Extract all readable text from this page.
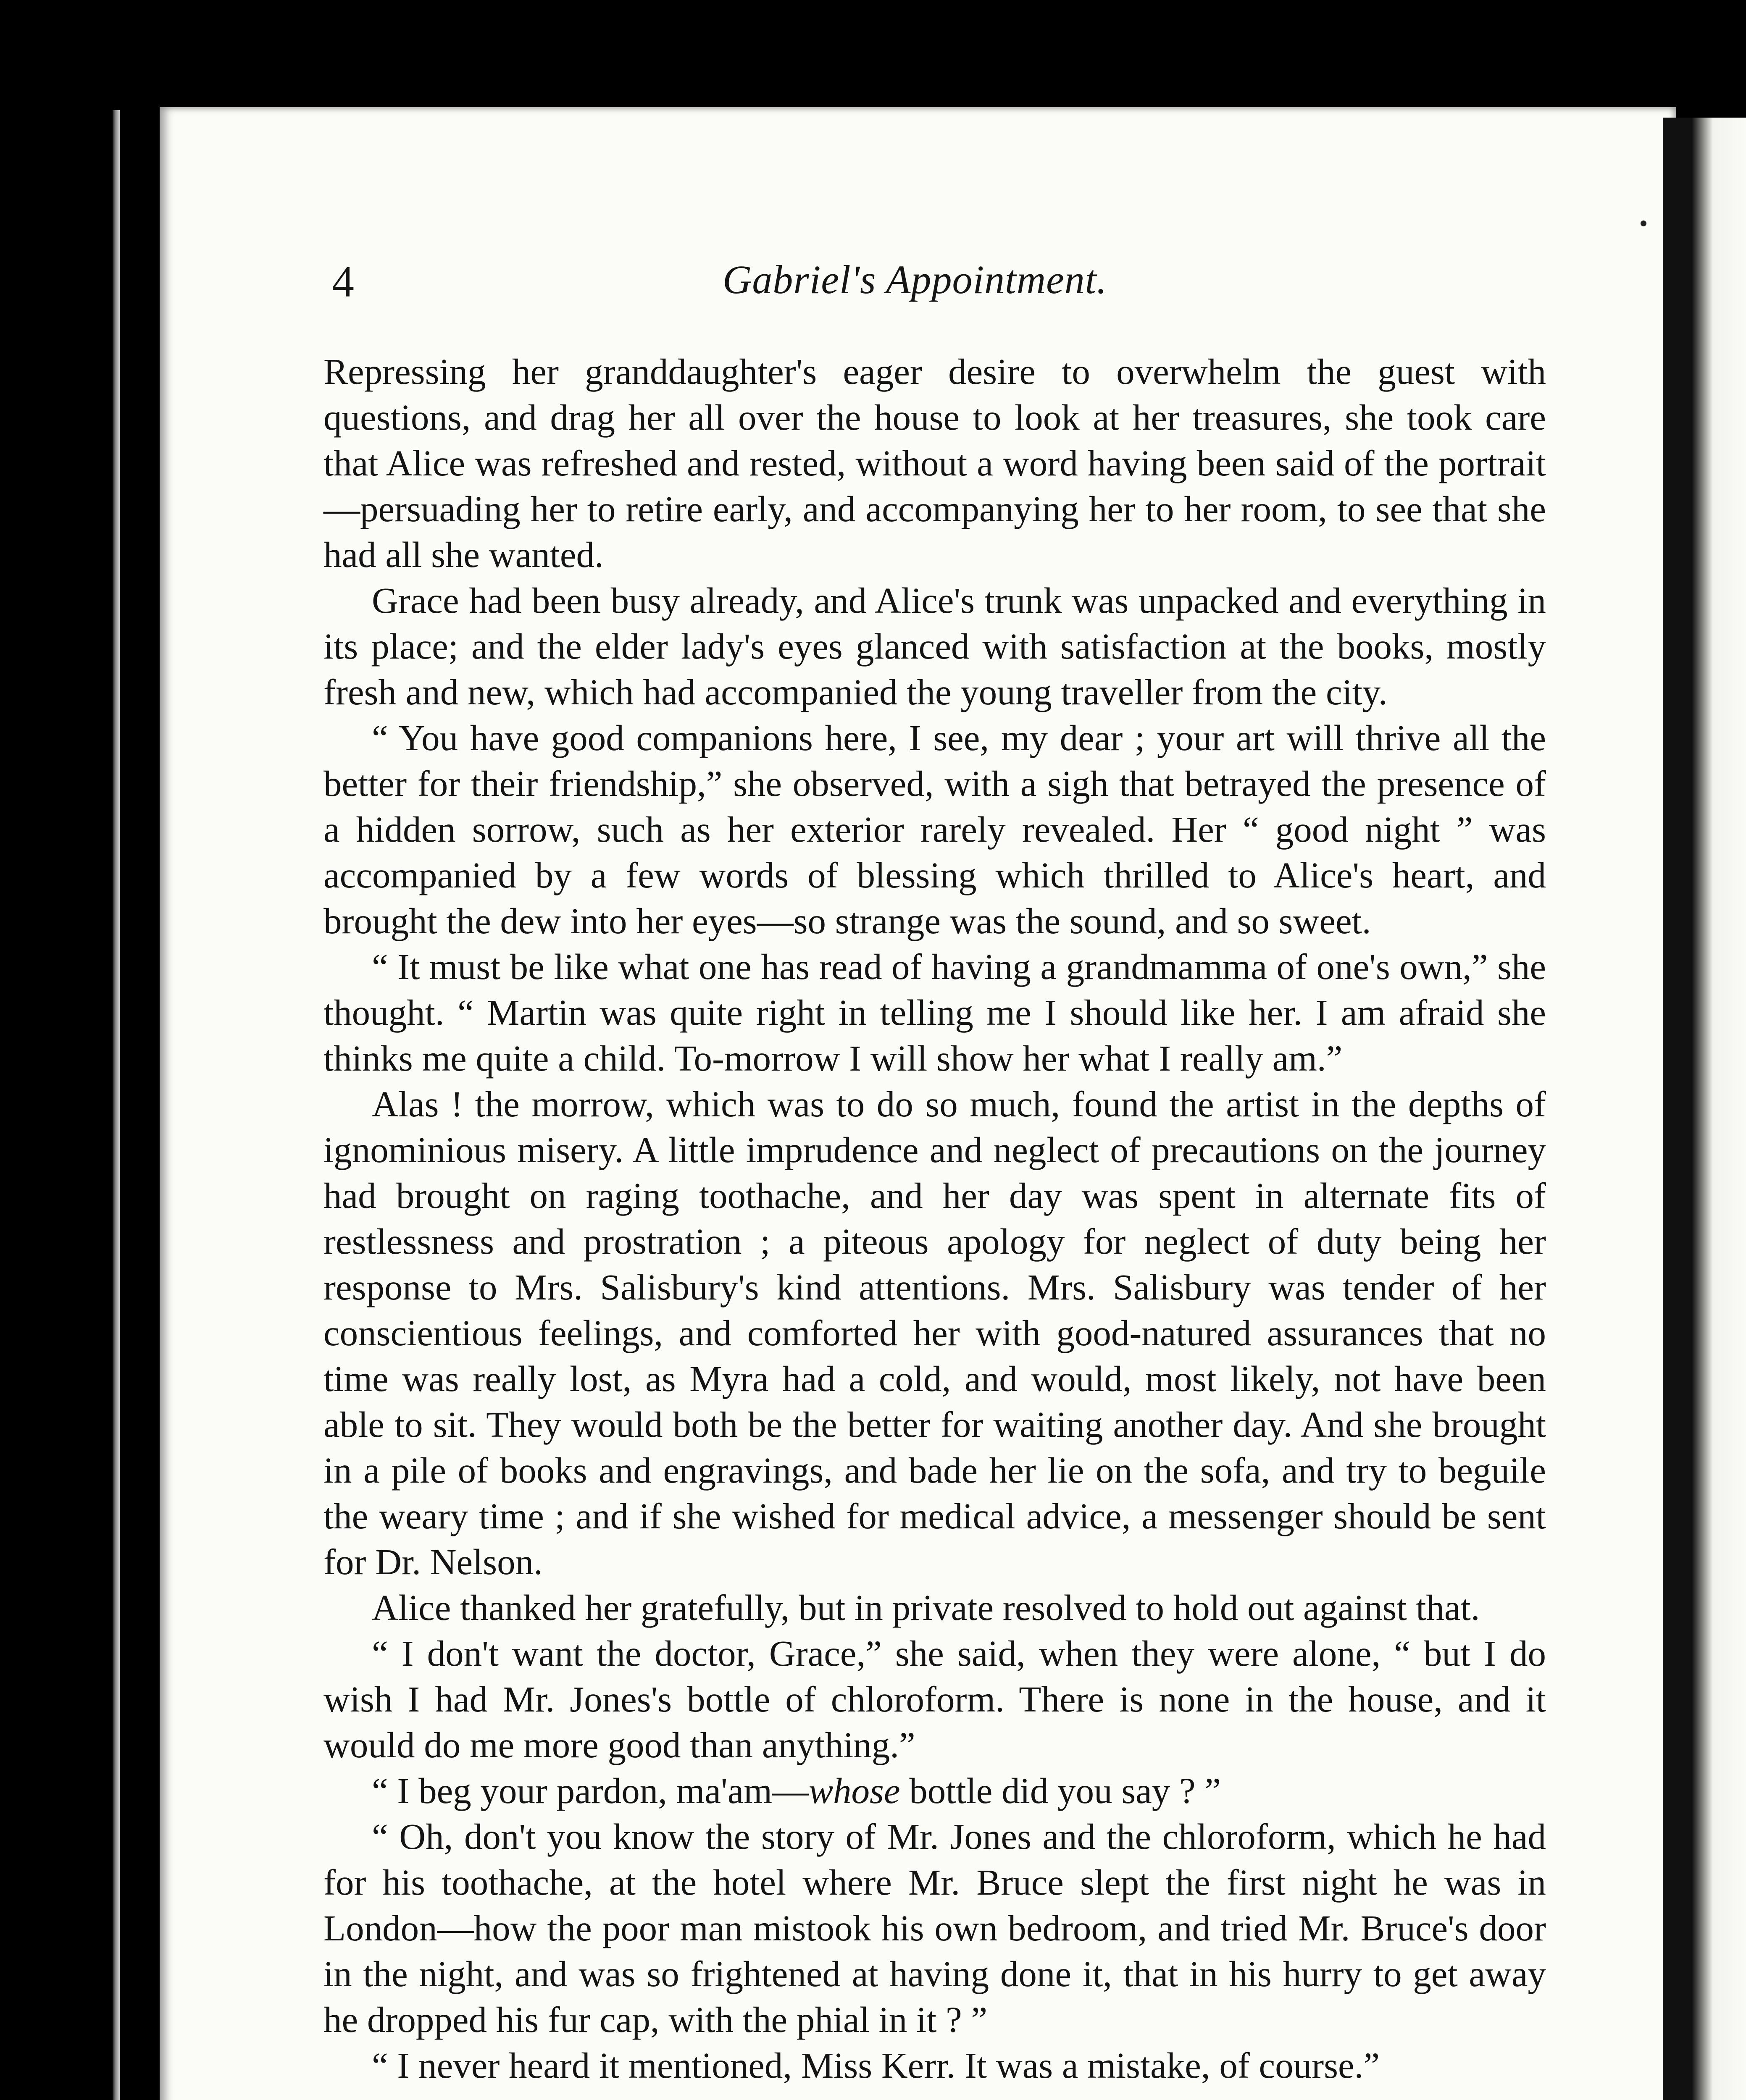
4	Gabriel's Appointment.

Repressing her granddaughter's eager desire to overwhelm the guest with questions, and drag her all over the house to look at her treasures, she took care that Alice was refreshed and rested, without a word having been said of the portrait—persuading her to retire early, and accompanying her to her room, to see that she had all she wanted.

Grace had been busy already, and Alice's trunk was unpacked and everything in its place; and the elder lady's eyes glanced with satisfaction at the books, mostly fresh and new, which had accompanied the young traveller from the city.

“ You have good companions here, I see, my dear ; your art will thrive all the better for their friendship,” she observed, with a sigh that betrayed the presence of a hidden sorrow, such as her exterior rarely revealed. Her “ good night ” was accompanied by a few words of blessing which thrilled to Alice's heart, and brought the dew into her eyes—so strange was the sound, and so sweet.

“ It must be like what one has read of having a grandmamma of one's own,” she thought. “ Martin was quite right in telling me I should like her. I am afraid she thinks me quite a child. To-morrow I will show her what I really am.”

Alas ! the morrow, which was to do so much, found the artist in the depths of ignominious misery. A little imprudence and neglect of precautions on the journey had brought on raging toothache, and her day was spent in alternate fits of restlessness and prostration ; a piteous apology for neglect of duty being her response to Mrs. Salisbury's kind attentions. Mrs. Salisbury was tender of her conscientious feelings, and comforted her with good-natured assurances that no time was really lost, as Myra had a cold, and would, most likely, not have been able to sit. They would both be the better for waiting another day. And she brought in a pile of books and engravings, and bade her lie on the sofa, and try to beguile the weary time ; and if she wished for medical advice, a messenger should be sent for Dr. Nelson.

Alice thanked her gratefully, but in private resolved to hold out against that.

“ I don't want the doctor, Grace,” she said, when they were alone, “ but I do wish I had Mr. Jones's bottle of chloroform. There is none in the house, and it would do me more good than anything.”

“ I beg your pardon, ma'am—whose bottle did you say ? ”

“ Oh, don't you know the story of Mr. Jones and the chloroform, which he had for his toothache, at the hotel where Mr. Bruce slept the first night he was in London—how the poor man mistook his own bedroom, and tried Mr. Bruce's door in the night, and was so frightened at having done it, that in his hurry to get away he dropped his fur cap, with the phial in it ? ”

“ I never heard it mentioned, Miss Kerr. It was a mistake, of course.”
